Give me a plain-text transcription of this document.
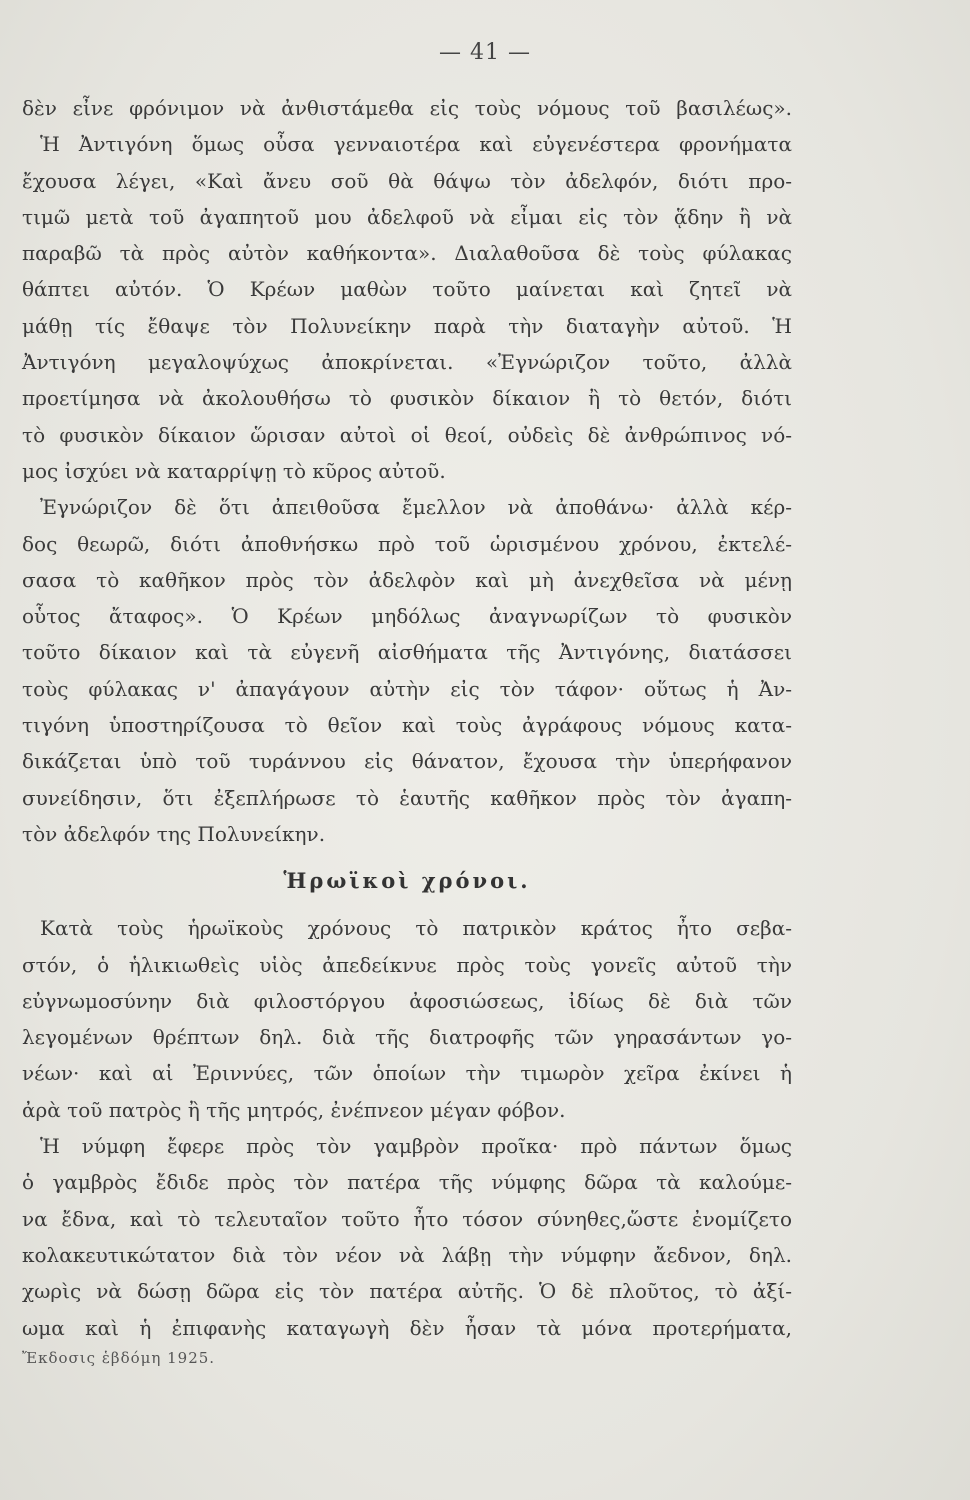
— 41 —
δὲν εἶνε φρόνιμον νὰ ἀνθιστάμεθα εἰς τοὺς νόμους τοῦ βασιλέως».
Ἡ Ἀντιγόνη ὅμως οὖσα γενναιοτέρα καὶ εὐγενέστερα φρονήματα
ἔχουσα λέγει, «Καὶ ἄνευ σοῦ θὰ θάψω τὸν ἀδελφόν, διότι προ-
τιμῶ μετὰ τοῦ ἀγαπητοῦ μου ἀδελφοῦ νὰ εἶμαι εἰς τὸν ᾅδην ἢ νὰ
παραβῶ τὰ πρὸς αὐτὸν καθήκοντα». Διαλαθοῦσα δὲ τοὺς φύλακας
θάπτει αὐτόν. Ὁ Κρέων μαθὼν τοῦτο μαίνεται καὶ ζητεῖ νὰ
μάθῃ τίς ἔθαψε τὸν Πολυνείκην παρὰ τὴν διαταγὴν αὐτοῦ. Ἡ
Ἀντιγόνη μεγαλοψύχως ἀποκρίνεται. «Ἐγνώριζον τοῦτο, ἀλλὰ
προετίμησα νὰ ἀκολουθήσω τὸ φυσικὸν δίκαιον ἢ τὸ θετόν, διότι
τὸ φυσικὸν δίκαιον ὥρισαν αὐτοὶ οἱ θεοί, οὐδεὶς δὲ ἀνθρώπινος νό-
μος ἰσχύει νὰ καταρρίψῃ τὸ κῦρος αὐτοῦ.
Ἐγνώριζον δὲ ὅτι ἀπειθοῦσα ἔμελλον νὰ ἀποθάνω· ἀλλὰ κέρ-
δος θεωρῶ, διότι ἀποθνήσκω πρὸ τοῦ ὡρισμένου χρόνου, ἐκτελέ-
σασα τὸ καθῆκον πρὸς τὸν ἀδελφὸν καὶ μὴ ἀνεχθεῖσα νὰ μένῃ
οὗτος ἄταφος». Ὁ Κρέων μηδόλως ἀναγνωρίζων τὸ φυσικὸν
τοῦτο δίκαιον καὶ τὰ εὐγενῆ αἰσθήματα τῆς Ἀντιγόνης, διατάσσει
τοὺς φύλακας ν' ἀπαγάγουν αὐτὴν εἰς τὸν τάφον· οὕτως ἡ Ἀν-
τιγόνη ὑποστηρίζουσα τὸ θεῖον καὶ τοὺς ἀγράφους νόμους κατα-
δικάζεται ὑπὸ τοῦ τυράννου εἰς θάνατον, ἔχουσα τὴν ὑπερήφανον
συνείδησιν, ὅτι ἐξεπλήρωσε τὸ ἑαυτῆς καθῆκον πρὸς τὸν ἀγαπη-
τὸν ἀδελφόν της Πολυνείκην.
Ἡρωϊκοὶ χρόνοι.
Κατὰ τοὺς ἡρωϊκοὺς χρόνους τὸ πατρικὸν κράτος ἦτο σεβα-
στόν, ὁ ἡλικιωθεὶς υἱὸς ἀπεδείκνυε πρὸς τοὺς γονεῖς αὐτοῦ τὴν
εὐγνωμοσύνην διὰ φιλοστόργου ἀφοσιώσεως, ἰδίως δὲ διὰ τῶν
λεγομένων θρέπτων δηλ. διὰ τῆς διατροφῆς τῶν γηρασάντων γο-
νέων· καὶ αἱ Ἐριννύες, τῶν ὁποίων τὴν τιμωρὸν χεῖρα ἐκίνει ἡ
ἀρὰ τοῦ πατρὸς ἢ τῆς μητρός, ἐνέπνεον μέγαν φόβον.
Ἡ νύμφη ἔφερε πρὸς τὸν γαμβρὸν προῖκα· πρὸ πάντων ὅμως
ὁ γαμβρὸς ἔδιδε πρὸς τὸν πατέρα τῆς νύμφης δῶρα τὰ καλούμε-
να ἔδνα, καὶ τὸ τελευταῖον τοῦτο ἦτο τόσον σύνηθες,ὥστε ἐνομίζετο
κολακευτικώτατον διὰ τὸν νέον νὰ λάβῃ τὴν νύμφην ἄεδνον, δηλ.
χωρὶς νὰ δώσῃ δῶρα εἰς τὸν πατέρα αὐτῆς. Ὁ δὲ πλοῦτος, τὸ ἀξί-
ωμα καὶ ἡ ἐπιφανὴς καταγωγὴ δὲν ἦσαν τὰ μόνα προτερήματα,
Ἔκδοσις ἑβδόμη 1925.
